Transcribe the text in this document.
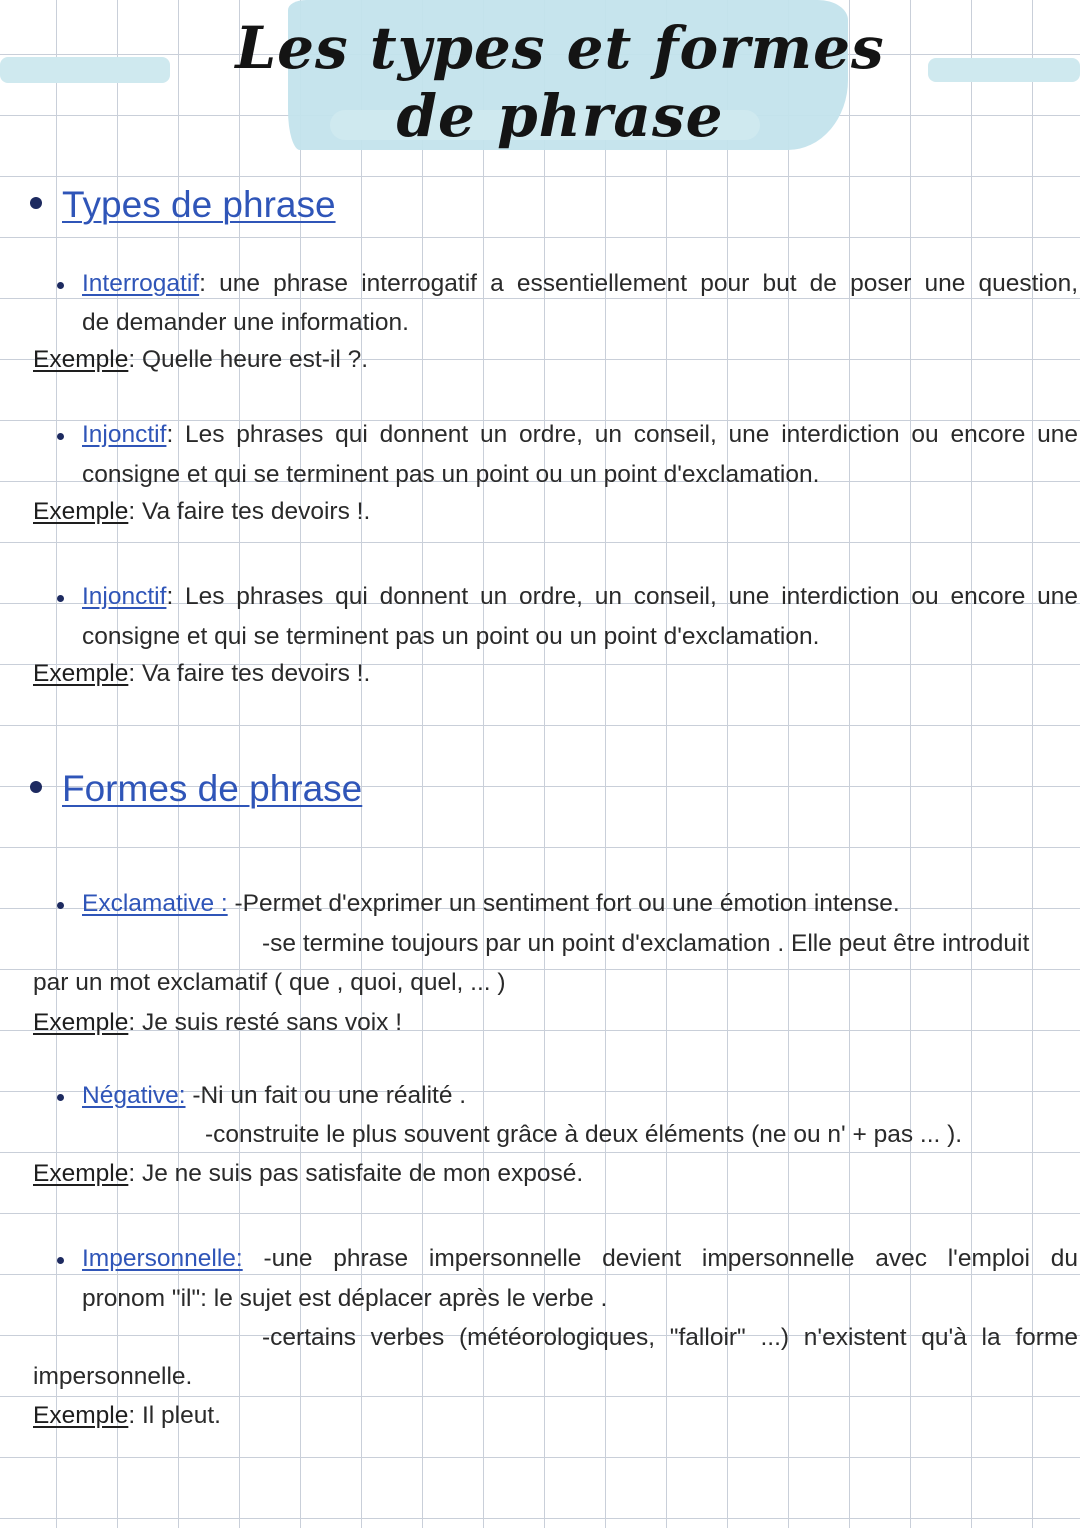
Les types et formes de phrase
Types de phrase
Interrogatif: une phrase interrogatif a essentiellement pour but de poser une question,
de demander une information.
Exemple: Quelle heure est-il ?.
Injonctif: Les phrases qui donnent un ordre, un conseil, une interdiction ou encore une
consigne et qui se terminent pas un point ou un point d'exclamation.
Exemple: Va faire tes devoirs !.
Injonctif: Les phrases qui donnent un ordre, un conseil, une interdiction ou encore une
consigne et qui se terminent pas un point ou un point d'exclamation.
Exemple: Va faire tes devoirs !.
Formes de phrase
Exclamative : -Permet d'exprimer un sentiment fort ou une émotion intense.
-se termine toujours par un point d'exclamation . Elle peut être introduit
par un mot exclamatif ( que , quoi, quel, ... )
Exemple: Je suis resté sans voix !
Négative: -Ni un fait ou une réalité .
-construite le plus souvent grâce à deux éléments (ne ou n' + pas ... ).
Exemple: Je ne suis pas satisfaite de mon exposé.
Impersonnelle: -une phrase impersonnelle devient impersonnelle avec l'emploi du
pronom "il": le sujet est déplacer après le verbe .
-certains verbes (météorologiques, "falloir" ...) n'existent qu'à la forme
impersonnelle.
Exemple: Il pleut.
